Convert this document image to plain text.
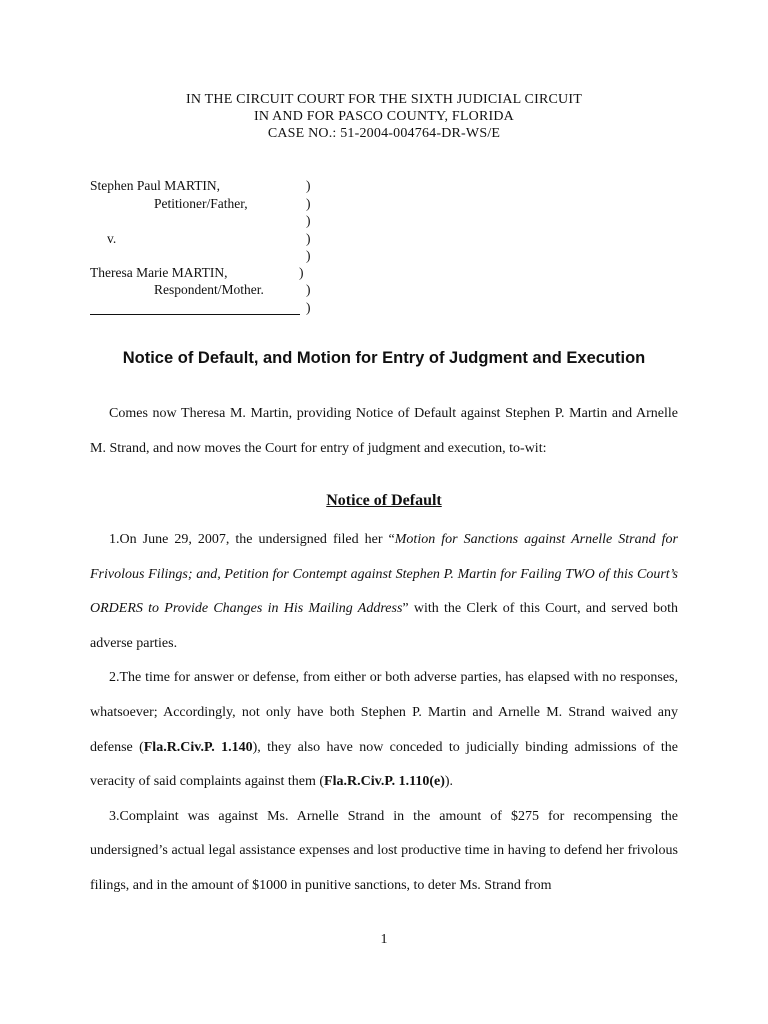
IN THE CIRCUIT COURT FOR THE SIXTH JUDICIAL CIRCUIT
IN AND FOR PASCO COUNTY, FLORIDA
CASE NO.: 51-2004-004764-DR-WS/E
Stephen Paul MARTIN,
Petitioner/Father,
v.
Theresa Marie MARTIN,
Respondent/Mother.
)
)
)
)
)
)
)
)
Notice of Default, and Motion for Entry of Judgment and Execution

Comes now Theresa M. Martin, providing Notice of Default against Stephen P. Martin and Arnelle M. Strand, and now moves the Court for entry of judgment and execution, to-wit:

Notice of Default

1.On June 29, 2007, the undersigned filed her “Motion for Sanctions against Arnelle Strand for Frivolous Filings; and, Petition for Contempt against Stephen P. Martin for Failing TWO of this Court’s ORDERS to Provide Changes in His Mailing Address” with the Clerk of this Court, and served both adverse parties.

2.The time for answer or defense, from either or both adverse parties, has elapsed with no responses, whatsoever; Accordingly, not only have both Stephen P. Martin and Arnelle M. Strand waived any defense (Fla.R.Civ.P. 1.140), they also have now conceded to judicially binding admissions of the veracity of said complaints against them (Fla.R.Civ.P. 1.110(e)).

3.Complaint was against Ms. Arnelle Strand in the amount of $275 for recompensing the undersigned’s actual legal assistance expenses and lost productive time in having to defend her frivolous filings, and in the amount of $1000 in punitive sanctions, to deter Ms. Strand from

1
